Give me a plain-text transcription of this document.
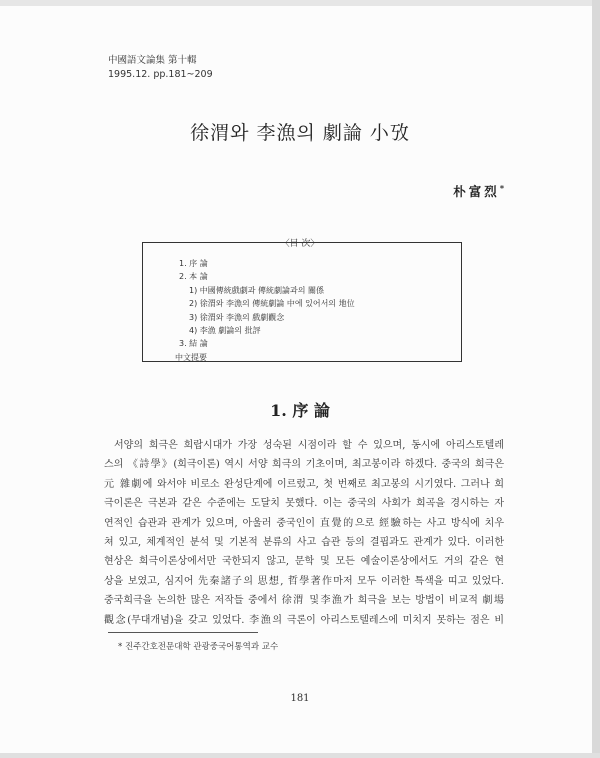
中國語文論集 第十輯
1995.12. pp.181~209
徐渭와 李漁의 劇論 小攷
朴富烈*
〈目 次〉
1. 序 論
2. 本 論
1) 中國傳統戲劇과 傳統劇論과의 關係
2) 徐渭와 李漁의 傳統劇論 中에 있어서의 地位
3) 徐渭와 李漁의 戲劇觀念
4) 李漁 劇論의 批評
3. 結 論
中文提要
1. 序 論
서양의 희극은 희랍시대가 가장 성숙된 시점이라 할 수 있으며, 동시에 아리스토텔레
스의 《詩學》(희극이론) 역시 서양 희극의 기초이며, 최고봉이라 하겠다. 중국의 희극은
元 雜劇에 와서야 비로소 완성단계에 이르렀고, 첫 번째로 최고봉의 시기였다. 그러나 희
극이론은 극본과 같은 수준에는 도달치 못했다. 이는 중국의 사회가 희곡을 경시하는 자
연적인 습관과 관계가 있으며, 아울러 중국인이 直覺的으로 經驗하는 사고 방식에 치우
쳐 있고, 체계적인 분석 및 기본적 분류의 사고 습관 등의 결핍과도 관계가 있다. 이러한
현상은 희극이론상에서만 국한되지 않고, 문학 및 모든 예술이론상에서도 거의 같은 현
상을 보였고, 심지어 先秦諸子의 思想, 哲學著作마저 모두 이러한 특색을 띠고 있었다.
중국희극을 논의한 많은 저작들 중에서 徐渭 및李漁가 희극을 보는 방법이 비교적 劇場
觀念(무대개념)을 갖고 있었다. 李漁의 극론이 아리스토텔레스에 미치지 못하는 점은 비
* 진주간호전문대학 관광중국어통역과 교수
181
